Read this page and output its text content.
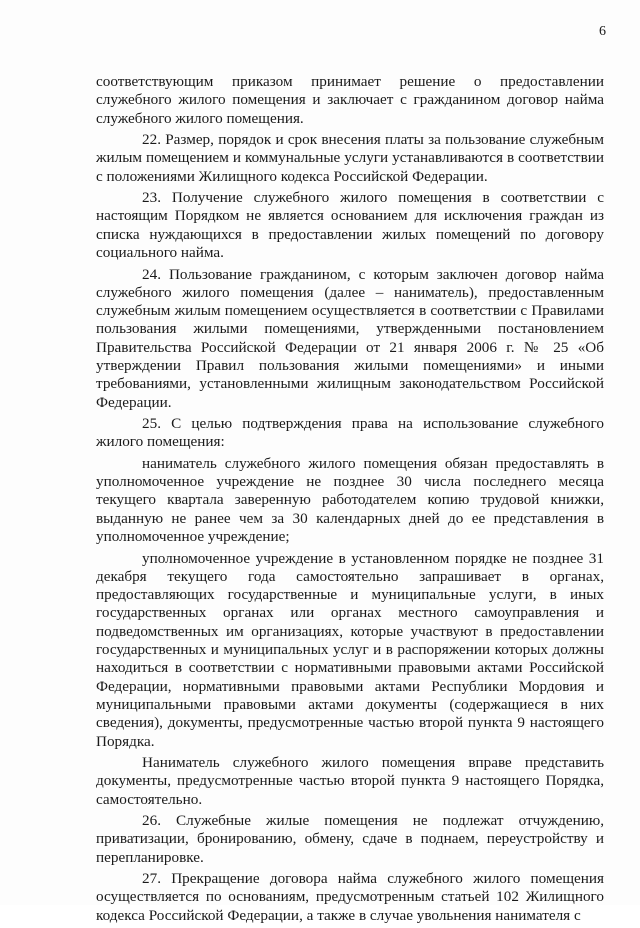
6

соответствующим приказом принимает решение о предоставлении служебного жилого помещения и заключает с гражданином договор найма служебного жилого помещения.

22. Размер, порядок и срок внесения платы за пользование служебным жилым помещением и коммунальные услуги устанавливаются в соответствии с положениями Жилищного кодекса Российской Федерации.

23. Получение служебного жилого помещения в соответствии с настоящим Порядком не является основанием для исключения граждан из списка нуждающихся в предоставлении жилых помещений по договору социального найма.

24. Пользование гражданином, с которым заключен договор найма служебного жилого помещения (далее – наниматель), предоставленным служебным жилым помещением осуществляется в соответствии с Правилами пользования жилыми помещениями, утвержденными постановлением Правительства Российской Федерации от 21 января 2006 г. № 25 «Об утверждении Правил пользования жилыми помещениями» и иными требованиями, установленными жилищным законодательством Российской Федерации.

25. С целью подтверждения права на использование служебного жилого помещения:

наниматель служебного жилого помещения обязан предоставлять в уполномоченное учреждение не позднее 30 числа последнего месяца текущего квартала заверенную работодателем копию трудовой книжки, выданную не ранее чем за 30 календарных дней до ее представления в уполномоченное учреждение;

уполномоченное учреждение в установленном порядке не позднее 31 декабря текущего года самостоятельно запрашивает в органах, предоставляющих государственные и муниципальные услуги, в иных государственных органах или органах местного самоуправления и подведомственных им организациях, которые участвуют в предоставлении государственных и муниципальных услуг и в распоряжении которых должны находиться в соответствии с нормативными правовыми актами Российской Федерации, нормативными правовыми актами Республики Мордовия и муниципальными правовыми актами документы (содержащиеся в них сведения), документы, предусмотренные частью второй пункта 9 настоящего Порядка.

Наниматель служебного жилого помещения вправе представить документы, предусмотренные частью второй пункта 9 настоящего Порядка, самостоятельно.

26. Служебные жилые помещения не подлежат отчуждению, приватизации, бронированию, обмену, сдаче в поднаем, переустройству и перепланировке.

27. Прекращение договора найма служебного жилого помещения осуществляется по основаниям, предусмотренным статьей 102 Жилищного кодекса Российской Федерации, а также в случае увольнения нанимателя с
